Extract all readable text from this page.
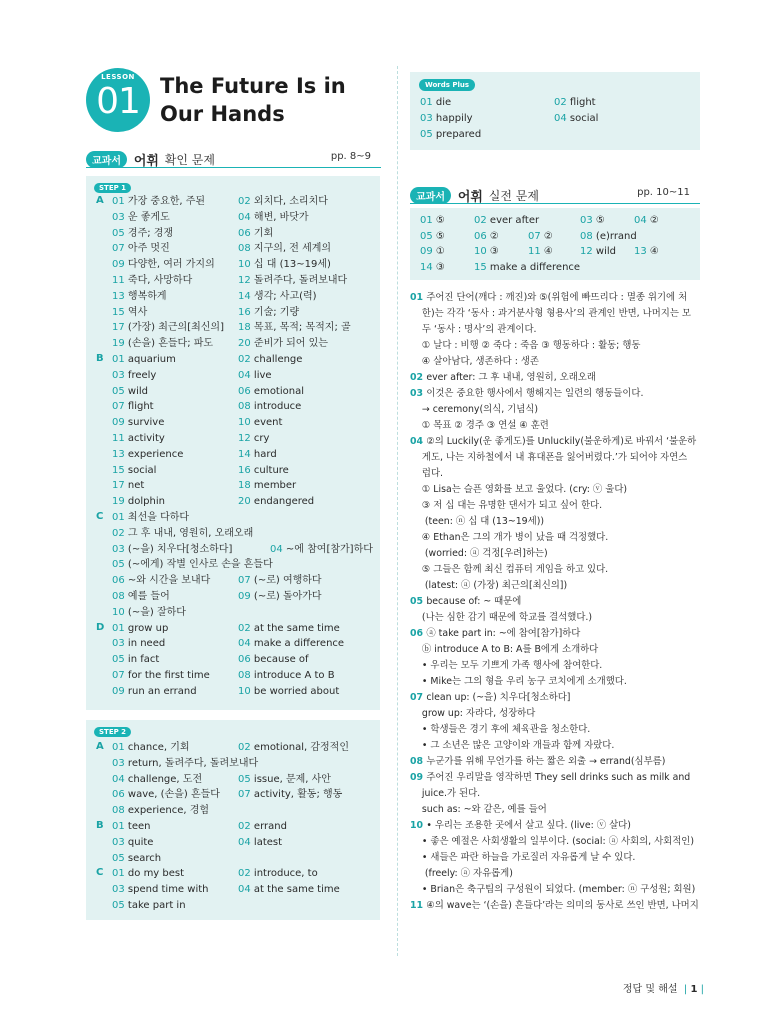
LESSON
01 The Future Is in Our Hands
교과서 어휘 확인 문제	pp. 8~9
STEP 1
A 01 가장 중요한, 주된	02 외치다, 소리치다
03 운 좋게도	04 해변, 바닷가
05 경주; 경쟁	06 기회
07 아주 멋진	08 지구의, 전 세계의
09 다양한, 여러 가지의 10 십 대 (13~19세)
11 죽다, 사망하다	12 돌려주다, 돌려보내다
13 행복하게	14 생각; 사고(력)
15 역사	16 기술; 기량
17 (가장) 최근의[최신의] 18 목표, 목적; 목적지; 골
19 (손을) 흔들다; 파도 20 준비가 되어 있는
B 01 aquarium	02 challenge
03 freely	04 live
05 wild	06 emotional
07 flight	08 introduce
09 survive	10 event
11 activity	12 cry
13 experience	14 hard
15 social	16 culture
17 net	18 member
19 dolphin	20 endangered
C 01 최선을 다하다
02 그 후 내내, 영원히, 오래오래
03 (~을) 치우다[청소하다]	04 ~에 참여[참가]하다
05 (~에게) 작별 인사로 손을 흔들다
06 ~와 시간을 보내다	07 (~로) 여행하다
08 예를 들어	09 (~로) 돌아가다
10 (~을) 잘하다
D 01 grow up	02 at the same time
03 in need	04 make a difference
05 in fact	06 because of
07 for the first time	08 introduce A to B
09 run an errand	10 be worried about
STEP 2
A 01 chance, 기회	02 emotional, 감정적인
03 return, 돌려주다, 돌려보내다
04 challenge, 도전	05 issue, 문제, 사안
06 wave, (손을) 흔들다 07 activity, 활동; 행동
08 experience, 경험
B 01 teen	02 errand
03 quite	04 latest
05 search
C 01 do my best	02 introduce, to
03 spend time with	04 at the same time
05 take part in
Words Plus
01 die	02 flight
03 happily	04 social
05 prepared
교과서 어휘 실전 문제	pp. 10~11
01 ⑤	02 ever after	03 ⑤	04 ②
05 ⑤	06 ②	07 ②	08 (e)rrand
09 ①	10 ③	11 ④	12 wild 13 ④
14 ③	15 make a difference
01 주어진 단어(깨다 : 깨진)와 ⑤(위험에 빠뜨리다 : 멸종 위기에 처
한)는 각각 ‘동사 : 과거분사형 형용사’의 관계인 반면, 나머지는 모
두 ‘동사 : 명사’의 관계이다.
① 날다 : 비행 ② 죽다 : 죽음 ③ 행동하다 : 활동; 행동
④ 살아남다, 생존하다 : 생존
02 ever after: 그 후 내내, 영원히, 오래오래
03 이것은 중요한 행사에서 행해지는 일련의 행동들이다.
→ ceremony(의식, 기념식)
① 목표 ② 경주 ③ 연설 ④ 훈련
04 ②의 Luckily(운 좋게도)를 Unluckily(불운하게)로 바꿔서 ‘불운하
게도, 나는 지하철에서 내 휴대폰을 잃어버렸다.’가 되어야 자연스
럽다.
① Lisa는 슬픈 영화를 보고 울었다. (cry: ⓥ 울다)
③ 저 십 대는 유명한 댄서가 되고 싶어 한다.
(teen: ⓝ 십 대 (13~19세))
④ Ethan은 그의 개가 병이 났을 때 걱정했다.
(worried: ⓐ 걱정[우려]하는)
⑤ 그들은 함께 최신 컴퓨터 게임을 하고 있다.
(latest: ⓐ (가장) 최근의[최신의])
05 because of: ~ 때문에
(나는 심한 감기 때문에 학교를 결석했다.)
06 ⓐ take part in: ~에 참여[참가]하다
ⓑ introduce A to B: A를 B에게 소개하다
• 우리는 모두 기쁘게 가족 행사에 참여한다.
• Mike는 그의 형을 우리 농구 코치에게 소개했다.
07 clean up: (~을) 치우다[청소하다]
grow up: 자라다, 성장하다
• 학생들은 경기 후에 체육관을 청소한다.
• 그 소년은 많은 고양이와 개들과 함께 자랐다.
08 누군가를 위해 무언가를 하는 짧은 외출 → errand(심부름)
09 주어진 우리말을 영작하면 They sell drinks such as milk and
juice.가 된다.
such as: ~와 같은, 예를 들어
10 • 우리는 조용한 곳에서 살고 싶다. (live: ⓥ 살다)
• 좋은 예절은 사회생활의 일부이다. (social: ⓐ 사회의, 사회적인)
• 새들은 파란 하늘을 가로질러 자유롭게 날 수 있다.
(freely: ⓐ 자유롭게)
• Brian은 축구팀의 구성원이 되었다. (member: ⓝ 구성원; 회원)
11 ④의 wave는 ‘(손을) 흔들다’라는 의미의 동사로 쓰인 반면, 나머지
정답 및 해설  | 1 |
